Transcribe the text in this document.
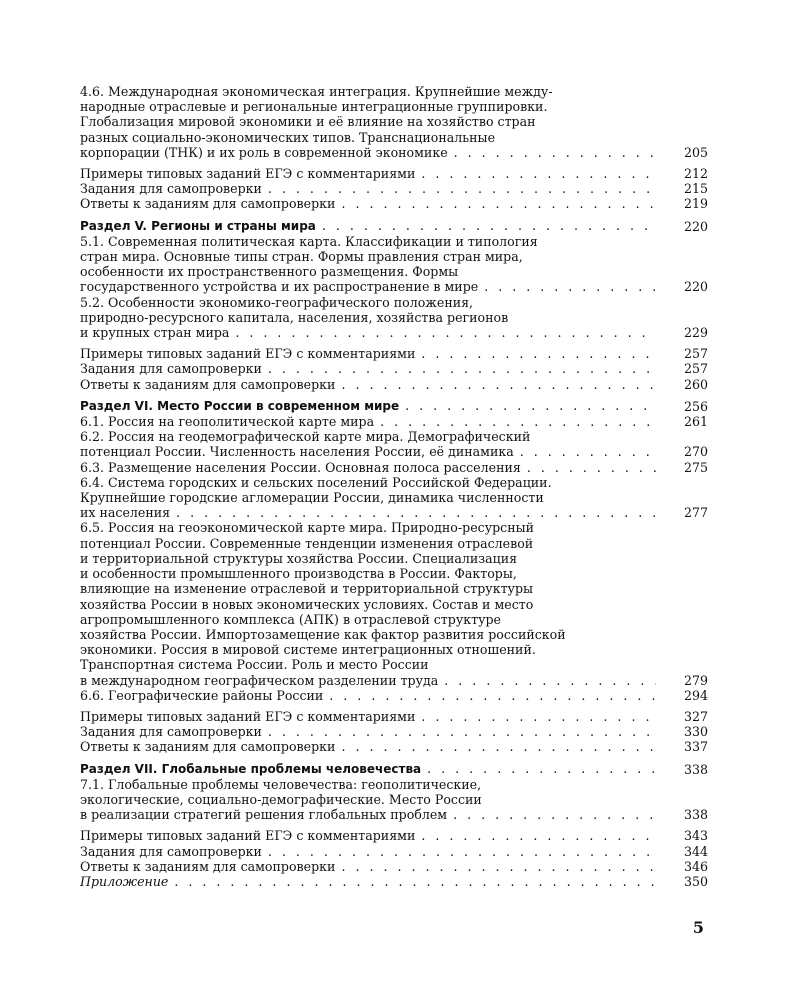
4.6. Международная экономическая интеграция. Крупнейшие между-
народные отраслевые и региональные интеграционные группировки.
Глобализация мировой экономики и её влияние на хозяйство стран
разных социально-экономических типов. Транснациональные
корпорации (ТНК) и их роль в современной экономике . . .	205
Примеры типовых заданий ЕГЭ с комментариями . . .	212
Задания для самопроверки . . .	215
Ответы к заданиям для самопроверки . . .	219
Раздел V. Регионы и страны мира . . .	220
5.1. Современная политическая карта. Классификации и типология
стран мира. Основные типы стран. Формы правления стран мира,
особенности их пространственного размещения. Формы
государственного устройства и их распространение в мире . . .	220
5.2. Особенности экономико-географического положения,
природно-ресурсного капитала, населения, хозяйства регионов
и крупных стран мира . . .	229
Примеры типовых заданий ЕГЭ с комментариями . . .	257
Задания для самопроверки . . .	257
Ответы к заданиям для самопроверки . . .	260
Раздел VI. Место России в современном мире . . .	256
6.1. Россия на геополитической карте мира . . .	261
6.2. Россия на геодемографической карте мира. Демографический
потенциал России. Численность населения России, её динамика . . .	270
6.3. Размещение населения России. Основная полоса расселения . . .	275
6.4. Система городских и сельских поселений Российской Федерации.
Крупнейшие городские агломерации России, динамика численности
их населения . . .	277
6.5. Россия на геоэкономической карте мира. Природно-ресурсный
потенциал России. Современные тенденции изменения отраслевой
и территориальной структуры хозяйства России. Специализация
и особенности промышленного производства в России. Факторы,
влияющие на изменение отраслевой и территориальной структуры
хозяйства России в новых экономических условиях. Состав и место
агропромышленного комплекса (АПК) в отраслевой структуре
хозяйства России. Импортозамещение как фактор развития российской
экономики. Россия в мировой системе интеграционных отношений.
Транспортная система России. Роль и место России
в международном географическом разделении труда . . .	279
6.6. Географические районы России . . .	294
Примеры типовых заданий ЕГЭ с комментариями . . .	327
Задания для самопроверки . . .	330
Ответы к заданиям для самопроверки . . .	337
Раздел VII. Глобальные проблемы человечества . . .	338
7.1. Глобальные проблемы человечества: геополитические,
экологические, социально-демографические. Место России
в реализации стратегий решения глобальных проблем . . .	338
Примеры типовых заданий ЕГЭ с комментариями . . .	343
Задания для самопроверки . . .	344
Ответы к заданиям для самопроверки . . .	346
Приложение . . .	350
5
